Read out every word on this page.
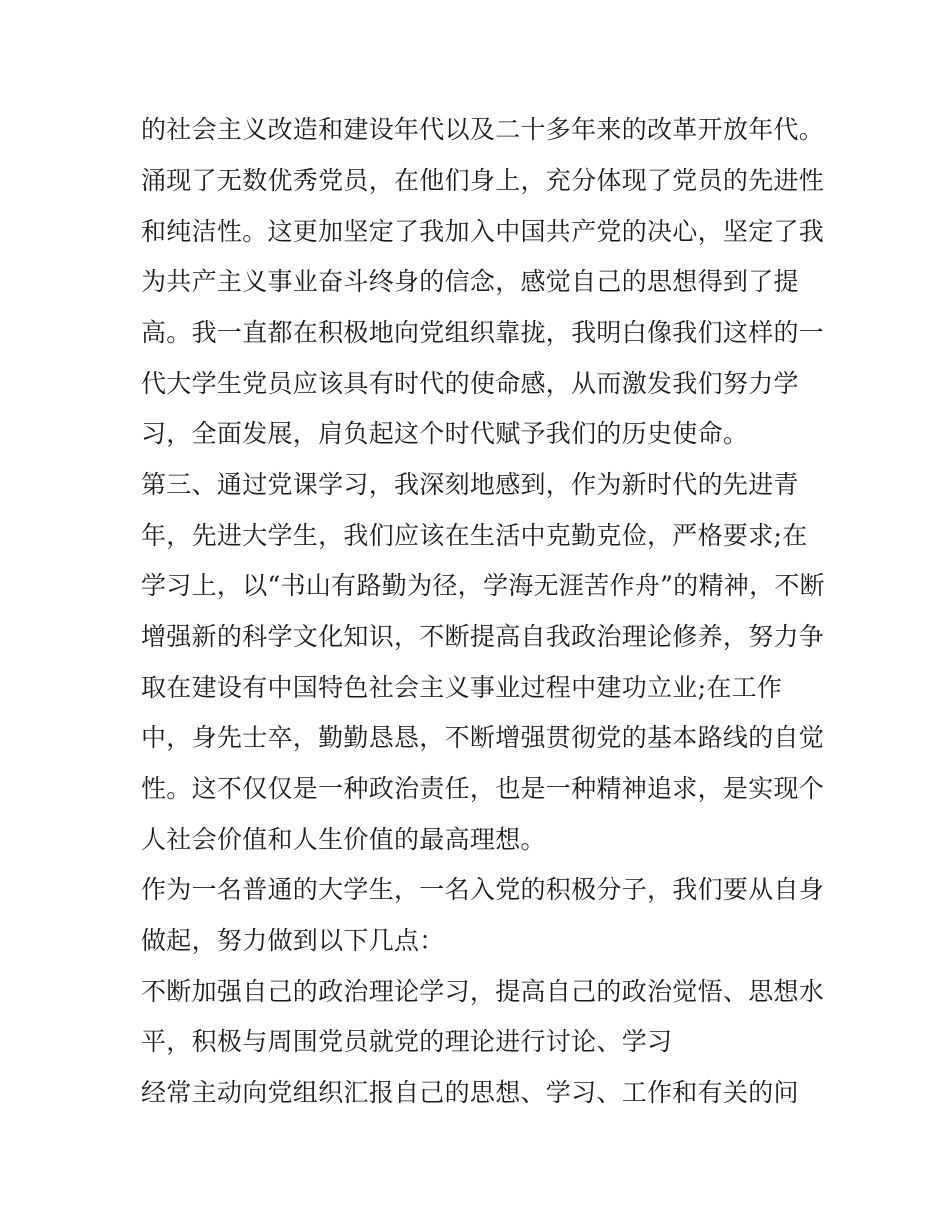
的社会主义改造和建设年代以及二十多年来的改革开放年代。
涌现了无数优秀党员，在他们身上，充分体现了党员的先进性
和纯洁性。这更加坚定了我加入中国共产党的决心，坚定了我
为共产主义事业奋斗终身的信念，感觉自己的思想得到了提
高。我一直都在积极地向党组织靠拢，我明白像我们这样的一
代大学生党员应该具有时代的使命感，从而激发我们努力学
习，全面发展，肩负起这个时代赋予我们的历史使命。
第三、通过党课学习，我深刻地感到，作为新时代的先进青
年，先进大学生，我们应该在生活中克勤克俭，严格要求;在
学习上，以“书山有路勤为径，学海无涯苦作舟”的精神，不断
增强新的科学文化知识，不断提高自我政治理论修养，努力争
取在建设有中国特色社会主义事业过程中建功立业;在工作
中，身先士卒，勤勤恳恳，不断增强贯彻党的基本路线的自觉
性。这不仅仅是一种政治责任，也是一种精神追求，是实现个
人社会价值和人生价值的最高理想。
作为一名普通的大学生，一名入党的积极分子，我们要从自身
做起，努力做到以下几点：
不断加强自己的政治理论学习，提高自己的政治觉悟、思想水
平，积极与周围党员就党的理论进行讨论、学习
经常主动向党组织汇报自己的思想、学习、工作和有关的问
